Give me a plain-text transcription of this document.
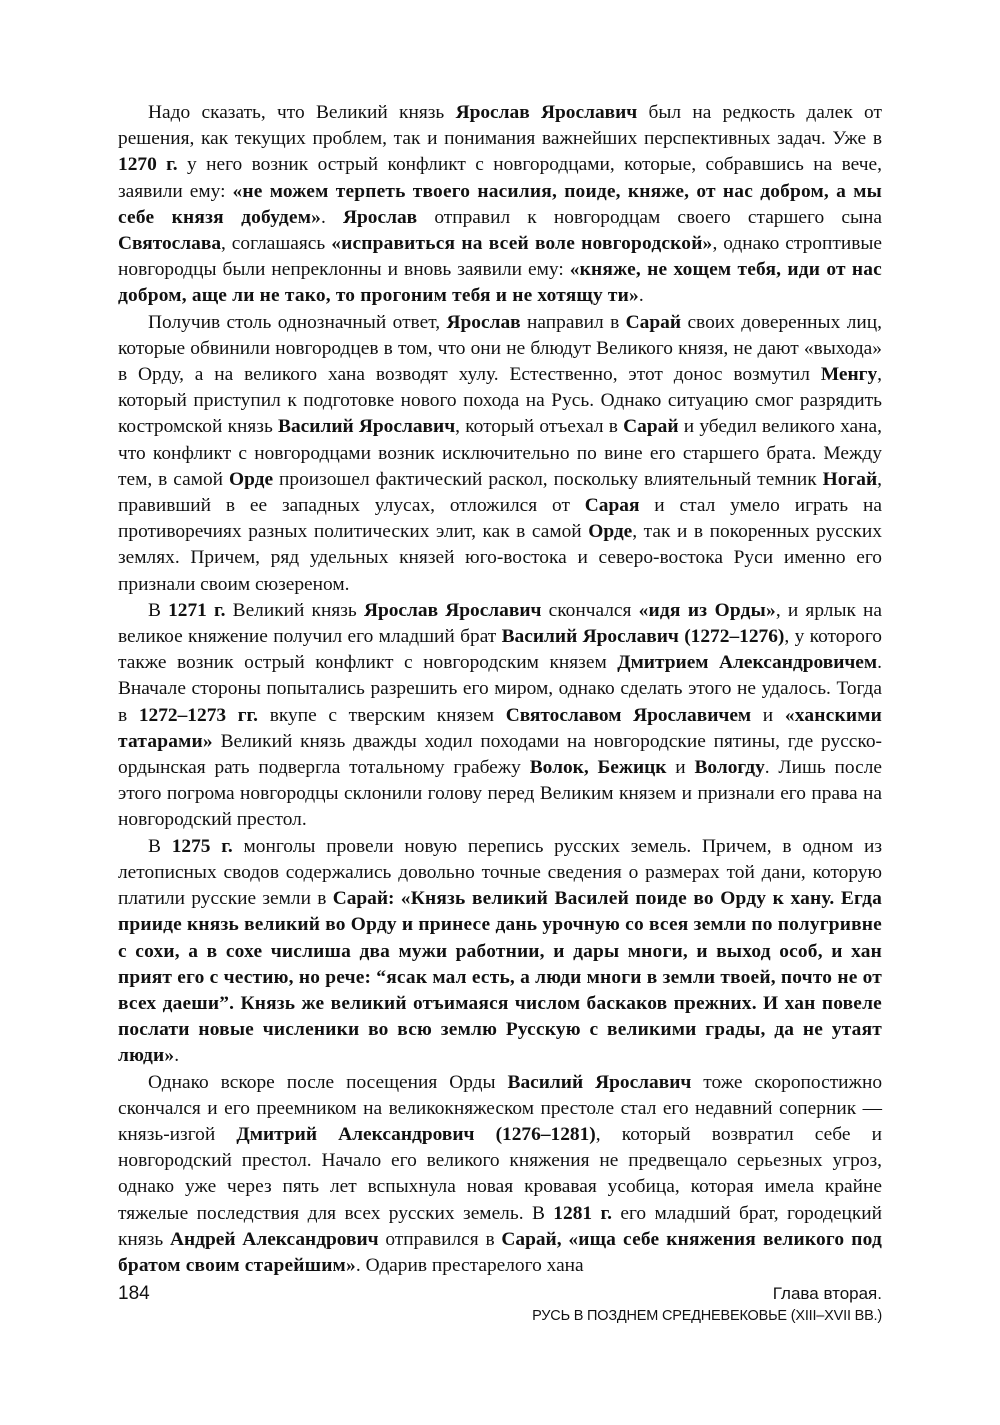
Надо сказать, что Великий князь Ярослав Ярославич был на редкость далек от решения, как текущих проблем, так и понимания важнейших перспективных задач. Уже в 1270 г. у него возник острый конфликт с новгородцами, которые, собравшись на вече, заявили ему: «не можем терпеть твоего насилия, поиде, княже, от нас добром, а мы себе князя добудем». Ярослав отправил к новгородцам своего старшего сына Святослава, соглашаясь «исправиться на всей воле новгородской», однако строптивые новгородцы были непреклонны и вновь заявили ему: «княже, не хощем тебя, иди от нас добром, аще ли не тако, то прогоним тебя и не хотящу ти».

Получив столь однозначный ответ, Ярослав направил в Сарай своих доверенных лиц, которые обвинили новгородцев в том, что они не блюдут Великого князя, не дают «выхода» в Орду, а на великого хана возводят хулу. Естественно, этот донос возмутил Менгу, который приступил к подготовке нового похода на Русь. Однако ситуацию смог разрядить костромской князь Василий Ярославич, который отъехал в Сарай и убедил великого хана, что конфликт с новгородцами возник исключительно по вине его старшего брата. Между тем, в самой Орде произошел фактический раскол, поскольку влиятельный темник Ногай, правивший в ее западных улусах, отложился от Сарая и стал умело играть на противоречиях разных политических элит, как в самой Орде, так и в покоренных русских землях. Причем, ряд удельных князей юго-востока и северо-востока Руси именно его признали своим сюзереном.

В 1271 г. Великий князь Ярослав Ярославич скончался «идя из Орды», и ярлык на великое княжение получил его младший брат Василий Ярославич (1272–1276), у которого также возник острый конфликт с новгородским князем Дмитрием Александровичем. Вначале стороны попытались разрешить его миром, однако сделать этого не удалось. Тогда в 1272–1273 гг. вкупе с тверским князем Святославом Ярославичем и «ханскими татарами» Великий князь дважды ходил походами на новгородские пятины, где русско-ордынская рать подвергла тотальному грабежу Волок, Бежицк и Вологду. Лишь после этого погрома новгородцы склонили голову перед Великим князем и признали его права на новгородский престол.

В 1275 г. монголы провели новую перепись русских земель. Причем, в одном из летописных сводов содержались довольно точные сведения о размерах той дани, которую платили русские земли в Сарай: «Князь великий Василей поиде во Орду к хану. Егда прииде князь великий во Орду и принесе дань урочную со всея земли по полугривне с сохи, а в сохе числиша два мужи работнии, и дары многи, и выход особ, и хан прият его с честию, но рече: “ясак мал есть, а люди многи в земли твоей, почто не от всех даеши”. Князь же великий отъимаяся числом баскаков прежних. И хан повеле послати новые численики во всю землю Русскую с великими грады, да не утаят люди».

Однако вскоре после посещения Орды Василий Ярославич тоже скоропостижно скончался и его преемником на великокняжеском престоле стал его недавний соперник — князь-изгой Дмитрий Александрович (1276–1281), который возвратил себе и новгородский престол. Начало его великого княжения не предвещало серьезных угроз, однако уже через пять лет вспыхнула новая кровавая усобица, которая имела крайне тяжелые последствия для всех русских земель. В 1281 г. его младший брат, городецкий князь Андрей Александрович отправился в Сарай, «ища себе княжения великого под братом своим старейшим». Одарив престарелого хана

184	Глава вторая.
РУСЬ В ПОЗДНЕМ СРЕДНЕВЕКОВЬЕ (XIII–XVII ВВ.)
